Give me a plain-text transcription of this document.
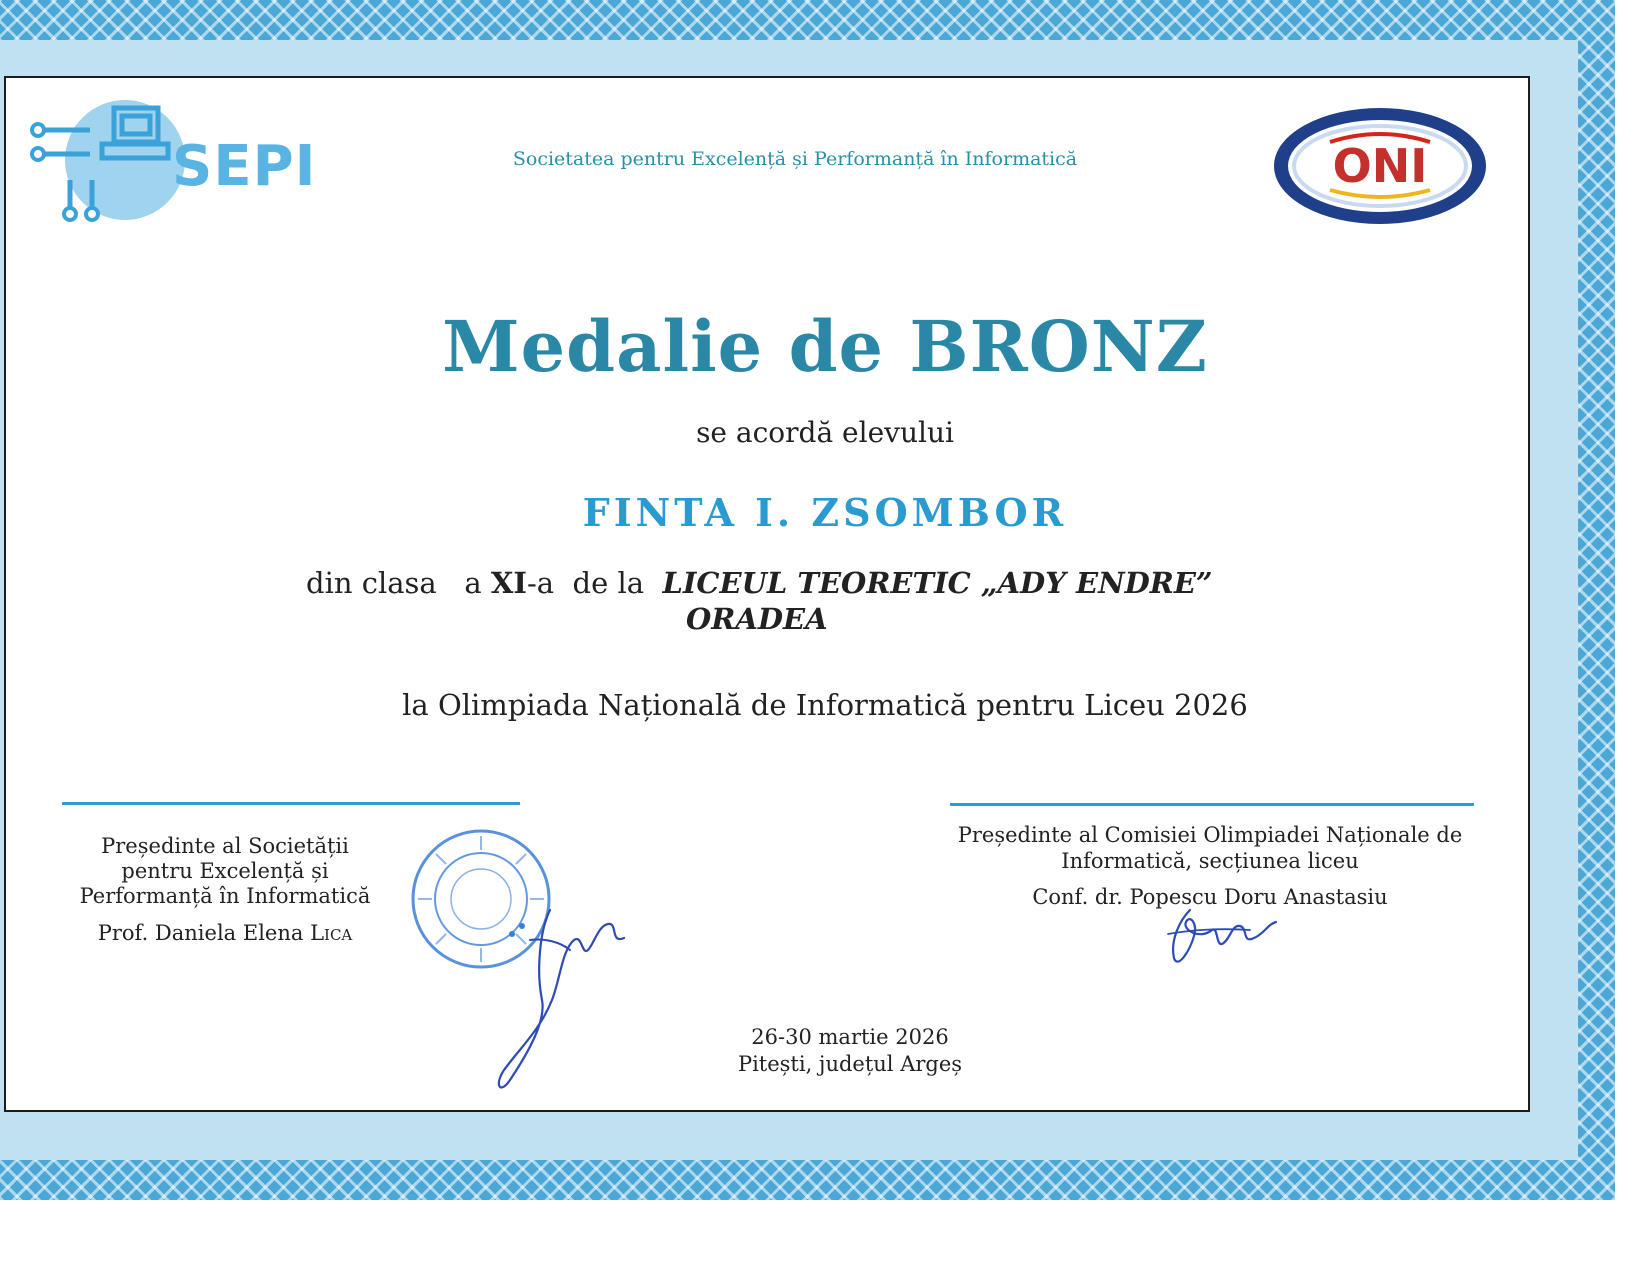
SEPI	Societatea pentru Excelență și Performanță în Informatică	ONI
Medalie de BRONZ
se acordă elevului
FINTA I. ZSOMBOR
din clasa a XI-a de la LICEUL TEORETIC „ADY ENDRE”
ORADEA
la Olimpiada Națională de Informatică pentru Liceu 2026
Președinte al Societății
pentru Excelență și
Performanță în Informatică
Prof. Daniela Elena Lica
Președinte al Comisiei Olimpiadei Naționale de
Informatică, secțiunea liceu
Conf. dr. Popescu Doru Anastasiu
26-30 martie 2026
Pitești, județul Argeș
